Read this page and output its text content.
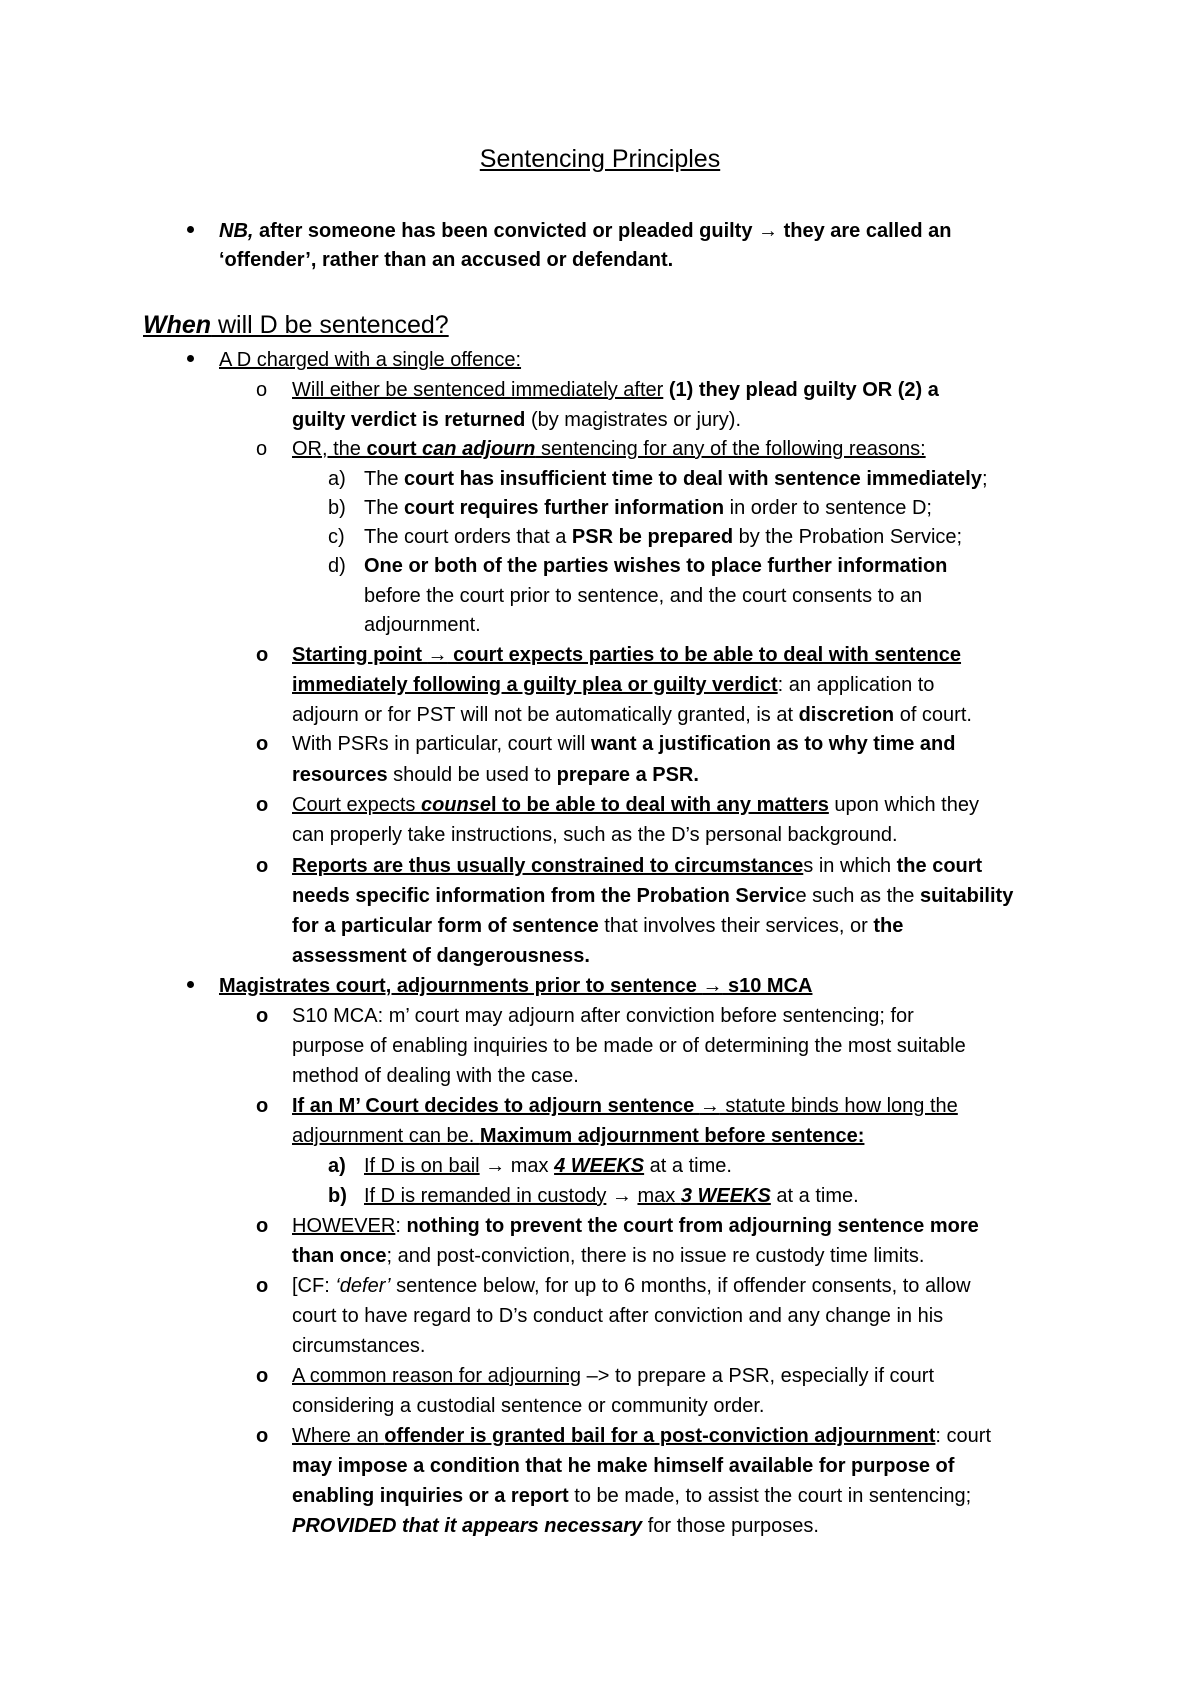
Sentencing Principles
NB, after someone has been convicted or pleaded guilty → they are called an
‘offender’, rather than an accused or defendant.
When will D be sentenced?
A D charged with a single offence:
o Will either be sentenced immediately after (1) they plead guilty OR (2) a
guilty verdict is returned (by magistrates or jury).
o OR, the court can adjourn sentencing for any of the following reasons:
a) The court has insufficient time to deal with sentence immediately;
b) The court requires further information in order to sentence D;
c) The court orders that a PSR be prepared by the Probation Service;
d) One or both of the parties wishes to place further information
before the court prior to sentence, and the court consents to an
adjournment.
o Starting point → court expects parties to be able to deal with sentence
immediately following a guilty plea or guilty verdict: an application to
adjourn or for PST will not be automatically granted, is at discretion of court.
o With PSRs in particular, court will want a justification as to why time and
resources should be used to prepare a PSR.
o Court expects counsel to be able to deal with any matters upon which they
can properly take instructions, such as the D’s personal background.
o Reports are thus usually constrained to circumstances in which the court
needs specific information from the Probation Service such as the suitability
for a particular form of sentence that involves their services, or the
assessment of dangerousness.
Magistrates court, adjournments prior to sentence → s10 MCA
o S10 MCA: m’ court may adjourn after conviction before sentencing; for
purpose of enabling inquiries to be made or of determining the most suitable
method of dealing with the case.
o If an M’ Court decides to adjourn sentence → statute binds how long the
adjournment can be. Maximum adjournment before sentence:
a) If D is on bail → max 4 WEEKS at a time.
b) If D is remanded in custody → max 3 WEEKS at a time.
o HOWEVER: nothing to prevent the court from adjourning sentence more
than once; and post-conviction, there is no issue re custody time limits.
o [CF: ‘defer’ sentence below, for up to 6 months, if offender consents, to allow
court to have regard to D’s conduct after conviction and any change in his
circumstances.
o A common reason for adjourning –> to prepare a PSR, especially if court
considering a custodial sentence or community order.
o Where an offender is granted bail for a post-conviction adjournment: court
may impose a condition that he make himself available for purpose of
enabling inquiries or a report to be made, to assist the court in sentencing;
PROVIDED that it appears necessary for those purposes.
